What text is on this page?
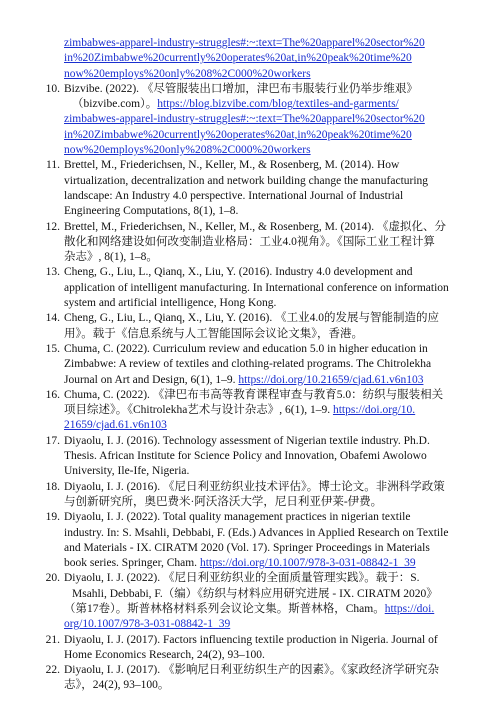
zimbabwes-apparel-industry-struggles#:~:text=The%20apparel%20sector%20
in%20Zimbabwe%20currently%20operates%20at,in%20peak%20time%20
now%20employs%20only%208%2C000%20workers
10. Bizvibe. (2022). 《尽管服装出口增加，津巴布韦服装行业仍举步维艰》
（bizvibe.com）。https://blog.bizvibe.com/blog/textiles-and-garments/
zimbabwes-apparel-industry-struggles#:~:text=The%20apparel%20sector%20
in%20Zimbabwe%20currently%20operates%20at,in%20peak%20time%20
now%20employs%20only%208%2C000%20workers
11. Brettel, M., Friederichsen, N., Keller, M., & Rosenberg, M. (2014). How
virtualization, decentralization and network building change the manufacturing
landscape: An Industry 4.0 perspective. International Journal of Industrial
Engineering Computations, 8(1), 1–8.
12. Brettel, M., Friederichsen, N., Keller, M., & Rosenberg, M. (2014). 《虚拟化、分
散化和网络建设如何改变制造业格局：工业4.0视角》。《国际工业工程计算
杂志》, 8(1), 1–8。
13. Cheng, G., Liu, L., Qianq, X., Liu, Y. (2016). Industry 4.0 development and
application of intelligent manufacturing. In International conference on information
system and artificial intelligence, Hong Kong.
14. Cheng, G., Liu, L., Qianq, X., Liu, Y. (2016). 《工业4.0的发展与智能制造的应
用》。载于《信息系统与人工智能国际会议论文集》，香港。
15. Chuma, C. (2022). Curriculum review and education 5.0 in higher education in
Zimbabwe: A review of textiles and clothing-related programs. The Chitrolekha
Journal on Art and Design, 6(1), 1–9. https://doi.org/10.21659/cjad.61.v6n103
16. Chuma, C. (2022). 《津巴布韦高等教育课程审查与教育5.0：纺织与服装相关
项目综述》。《Chitrolekha艺术与设计杂志》, 6(1), 1–9. https://doi.org/10.
21659/cjad.61.v6n103
17. Diyaolu, I. J. (2016). Technology assessment of Nigerian textile industry. Ph.D.
Thesis. African Institute for Science Policy and Innovation, Obafemi Awolowo
University, Ile-Ife, Nigeria.
18. Diyaolu, I. J. (2016). 《尼日利亚纺织业技术评估》。博士论文。非洲科学政策
与创新研究所，奥巴费米·阿沃洛沃大学，尼日利亚伊莱-伊费。
19. Diyaolu, I. J. (2022). Total quality management practices in nigerian textile
industry. In: S. Msahli, Debbabi, F. (Eds.) Advances in Applied Research on Textile
and Materials - IX. CIRATM 2020 (Vol. 17). Springer Proceedings in Materials
book series. Springer, Cham. https://doi.org/10.1007/978-3-031-08842-1_39
20. Diyaolu, I. J. (2022). 《尼日利亚纺织业的全面质量管理实践》。载于：S.
Msahli, Debbabi, F.（编）《纺织与材料应用研究进展 - IX. CIRATM 2020》
（第17卷）。斯普林格材料系列会议论文集。斯普林格，Cham。https://doi.
org/10.1007/978-3-031-08842-1_39
21. Diyaolu, I. J. (2017). Factors influencing textile production in Nigeria. Journal of
Home Economics Research, 24(2), 93–100.
22. Diyaolu, I. J. (2017). 《影响尼日利亚纺织生产的因素》。《家政经济学研究杂
志》，24(2), 93–100。
